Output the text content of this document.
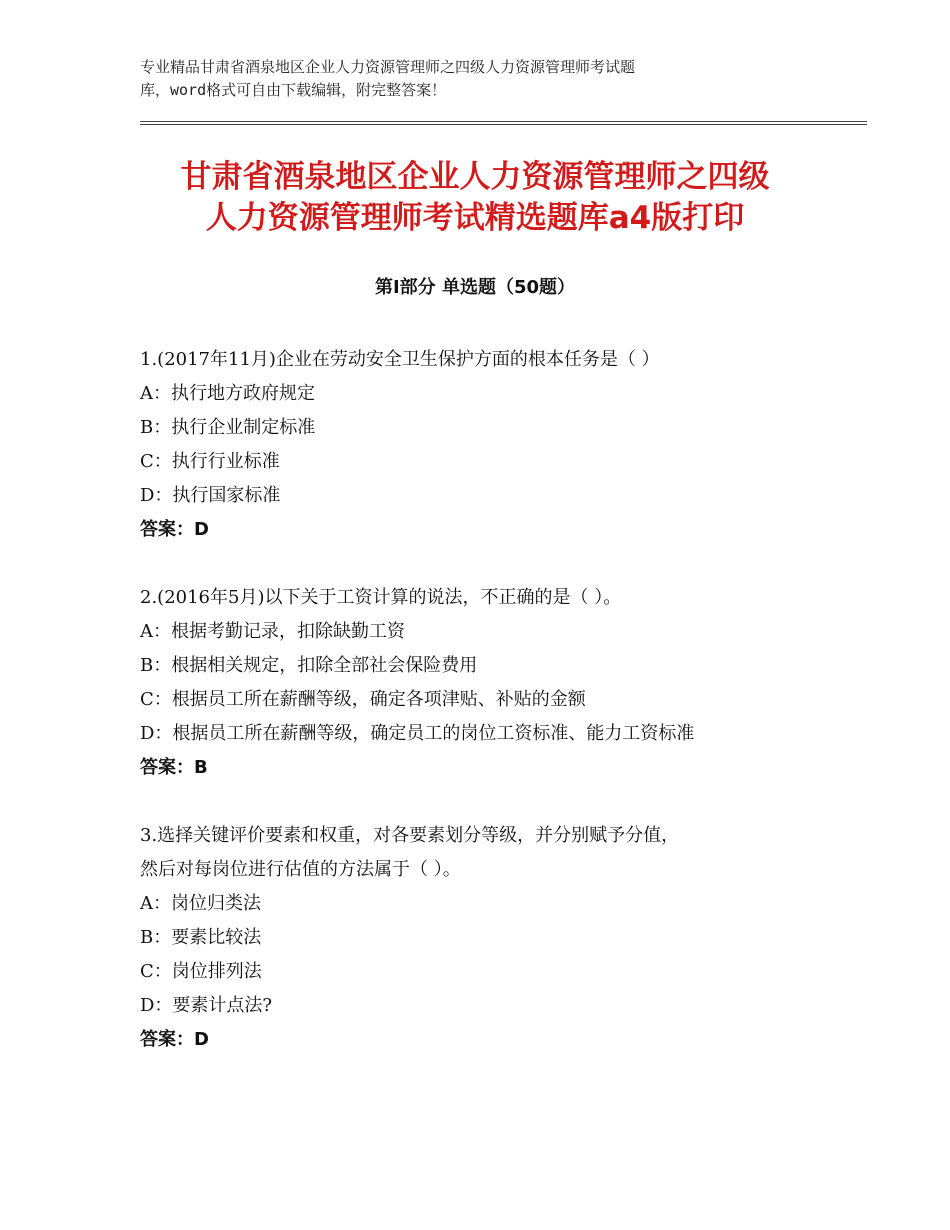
专业精品甘肃省酒泉地区企业人力资源管理师之四级人力资源管理师考试题
库，word格式可自由下载编辑，附完整答案！
甘肃省酒泉地区企业人力资源管理师之四级
人力资源管理师考试精选题库a4版打印
第Ⅰ部分 单选题（50题）

1.(2017年11月)企业在劳动安全卫生保护方面的根本任务是（ ）

A：执行地方政府规定

B：执行企业制定标准

C：执行行业标准

D：执行国家标准

答案：D

2.(2016年5月)以下关于工资计算的说法，不正确的是（ ）。

A：根据考勤记录，扣除缺勤工资

B：根据相关规定，扣除全部社会保险费用

C：根据员工所在薪酬等级，确定各项津贴、补贴的金额

D：根据员工所在薪酬等级，确定员工的岗位工资标准、能力工资标准

答案：B

3.选择关键评价要素和权重，对各要素划分等级，并分别赋予分值，
然后对每岗位进行估值的方法属于（ ）。

A：岗位归类法

B：要素比较法

C：岗位排列法

D：要素计点法?

答案：D
